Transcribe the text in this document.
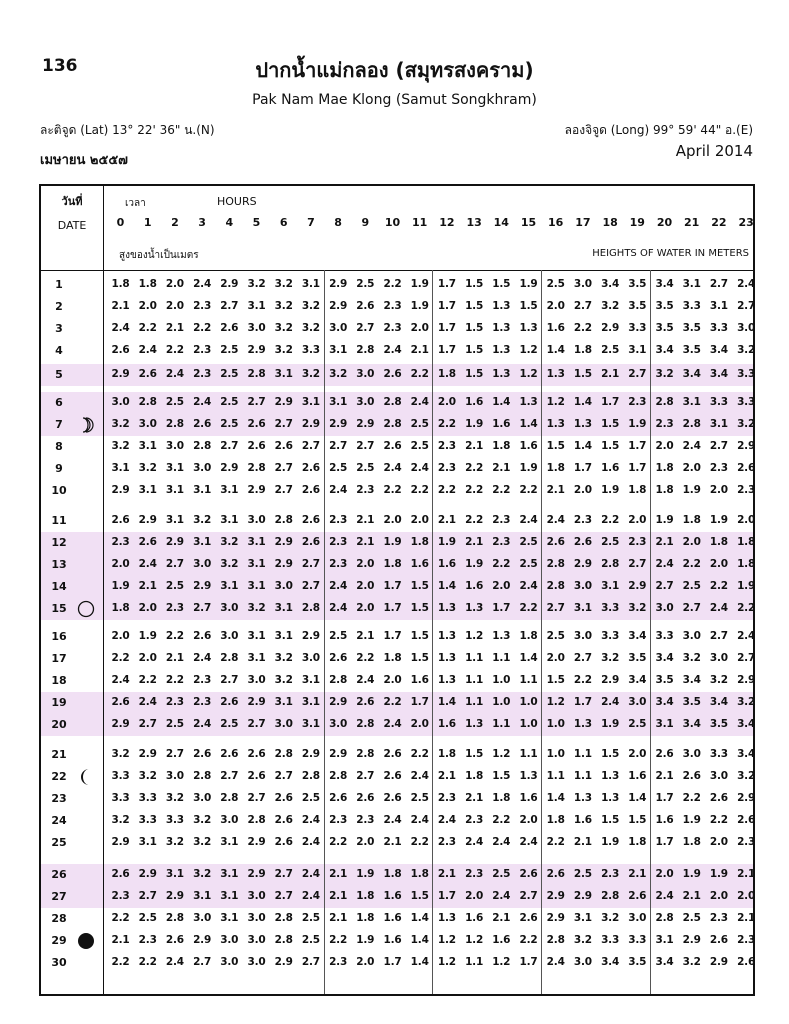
136	ปากน้ำแม่กลอง (สมุทรสงคราม)
Pak Nam Mae Klong (Samut Songkhram)
ละติจูด (Lat) 13° 22' 36" น.(N)	ลองจิจูด (Long) 99° 59' 44" อ.(E)
เมษายน ๒๕๕๗
April 2014
วันที่
DATE
เวลา	HOURS
สูงของน้ำเป็นเมตร	HEIGHTS OF WATER IN METERS
0	1	2	3	4	5	6	7	8	9	10	11	12	13	14	15	16	17	18	19	20	21	22	23
1	1.8 1.8 2.0 2.4 2.9 3.2 3.2 3.1 2.9 2.5 2.2 1.9 1.7 1.5 1.5 1.9 2.5 3.0 3.4 3.5 3.4 3.1 2.7 2.4
2	2.1 2.0 2.0 2.3 2.7 3.1 3.2 3.2 2.9 2.6 2.3 1.9 1.7 1.5 1.3 1.5 2.0 2.7 3.2 3.5 3.5 3.3 3.1 2.7
3	2.4 2.2 2.1 2.2 2.6 3.0 3.2 3.2 3.0 2.7 2.3 2.0 1.7 1.5 1.3 1.3 1.6 2.2 2.9 3.3 3.5 3.5 3.3 3.0
4	2.6 2.4 2.2 2.3 2.5 2.9 3.2 3.3 3.1 2.8 2.4 2.1 1.7 1.5 1.3 1.2 1.4 1.8 2.5 3.1 3.4 3.5 3.4 3.2
5	2.9 2.6 2.4 2.3 2.5 2.8 3.1 3.2 3.2 3.0 2.6 2.2 1.8 1.5 1.3 1.2 1.3 1.5 2.1 2.7 3.2 3.4 3.4 3.3
6	3.0 2.8 2.5 2.4 2.5 2.7 2.9 3.1 3.1 3.0 2.8 2.4 2.0 1.6 1.4 1.3 1.2 1.4 1.7 2.3 2.8 3.1 3.3 3.3
7	3.2 3.0 2.8 2.6 2.5 2.6 2.7 2.9 2.9 2.9 2.8 2.5 2.2 1.9 1.6 1.4 1.3 1.3 1.5 1.9 2.3 2.8 3.1 3.2
8	3.2 3.1 3.0 2.8 2.7 2.6 2.6 2.7 2.7 2.7 2.6 2.5 2.3 2.1 1.8 1.6 1.5 1.4 1.5 1.7 2.0 2.4 2.7 2.9
9	3.1 3.2 3.1 3.0 2.9 2.8 2.7 2.6 2.5 2.5 2.4 2.4 2.3 2.2 2.1 1.9 1.8 1.7 1.6 1.7 1.8 2.0 2.3 2.6
10	2.9 3.1 3.1 3.1 3.1 2.9 2.7 2.6 2.4 2.3 2.2 2.2 2.2 2.2 2.2 2.2 2.1 2.0 1.9 1.8 1.8 1.9 2.0 2.3
11	2.6 2.9 3.1 3.2 3.1 3.0 2.8 2.6 2.3 2.1 2.0 2.0 2.1 2.2 2.3 2.4 2.4 2.3 2.2 2.0 1.9 1.8 1.9 2.0
12	2.3 2.6 2.9 3.1 3.2 3.1 2.9 2.6 2.3 2.1 1.9 1.8 1.9 2.1 2.3 2.5 2.6 2.6 2.5 2.3 2.1 2.0 1.8 1.8
13	2.0 2.4 2.7 3.0 3.2 3.1 2.9 2.7 2.3 2.0 1.8 1.6 1.6 1.9 2.2 2.5 2.8 2.9 2.8 2.7 2.4 2.2 2.0 1.8
14	1.9 2.1 2.5 2.9 3.1 3.1 3.0 2.7 2.4 2.0 1.7 1.5 1.4 1.6 2.0 2.4 2.8 3.0 3.1 2.9 2.7 2.5 2.2 1.9
15	1.8 2.0 2.3 2.7 3.0 3.2 3.1 2.8 2.4 2.0 1.7 1.5 1.3 1.3 1.7 2.2 2.7 3.1 3.3 3.2 3.0 2.7 2.4 2.2
16	2.0 1.9 2.2 2.6 3.0 3.1 3.1 2.9 2.5 2.1 1.7 1.5 1.3 1.2 1.3 1.8 2.5 3.0 3.3 3.4 3.3 3.0 2.7 2.4
17	2.2 2.0 2.1 2.4 2.8 3.1 3.2 3.0 2.6 2.2 1.8 1.5 1.3 1.1 1.1 1.4 2.0 2.7 3.2 3.5 3.4 3.2 3.0 2.7
18	2.4 2.2 2.2 2.3 2.7 3.0 3.2 3.1 2.8 2.4 2.0 1.6 1.3 1.1 1.0 1.1 1.5 2.2 2.9 3.4 3.5 3.4 3.2 2.9
19	2.6 2.4 2.3 2.3 2.6 2.9 3.1 3.1 2.9 2.6 2.2 1.7 1.4 1.1 1.0 1.0 1.2 1.7 2.4 3.0 3.4 3.5 3.4 3.2
20	2.9 2.7 2.5 2.4 2.5 2.7 3.0 3.1 3.0 2.8 2.4 2.0 1.6 1.3 1.1 1.0 1.0 1.3 1.9 2.5 3.1 3.4 3.5 3.4
21	3.2 2.9 2.7 2.6 2.6 2.6 2.8 2.9 2.9 2.8 2.6 2.2 1.8 1.5 1.2 1.1 1.0 1.1 1.5 2.0 2.6 3.0 3.3 3.4
22	3.3 3.2 3.0 2.8 2.7 2.6 2.7 2.8 2.8 2.7 2.6 2.4 2.1 1.8 1.5 1.3 1.1 1.1 1.3 1.6 2.1 2.6 3.0 3.2
23	3.3 3.3 3.2 3.0 2.8 2.7 2.6 2.5 2.6 2.6 2.6 2.5 2.3 2.1 1.8 1.6 1.4 1.3 1.3 1.4 1.7 2.2 2.6 2.9
24	3.2 3.3 3.3 3.2 3.0 2.8 2.6 2.4 2.3 2.3 2.4 2.4 2.4 2.3 2.2 2.0 1.8 1.6 1.5 1.5 1.6 1.9 2.2 2.6
25	2.9 3.1 3.2 3.2 3.1 2.9 2.6 2.4 2.2 2.0 2.1 2.2 2.3 2.4 2.4 2.4 2.2 2.1 1.9 1.8 1.7 1.8 2.0 2.3
26	2.6 2.9 3.1 3.2 3.1 2.9 2.7 2.4 2.1 1.9 1.8 1.8 2.1 2.3 2.5 2.6 2.6 2.5 2.3 2.1 2.0 1.9 1.9 2.1
27	2.3 2.7 2.9 3.1 3.1 3.0 2.7 2.4 2.1 1.8 1.6 1.5 1.7 2.0 2.4 2.7 2.9 2.9 2.8 2.6 2.4 2.1 2.0 2.0
28	2.2 2.5 2.8 3.0 3.1 3.0 2.8 2.5 2.1 1.8 1.6 1.4 1.3 1.6 2.1 2.6 2.9 3.1 3.2 3.0 2.8 2.5 2.3 2.1
29	2.1 2.3 2.6 2.9 3.0 3.0 2.8 2.5 2.2 1.9 1.6 1.4 1.2 1.2 1.6 2.2 2.8 3.2 3.3 3.3 3.1 2.9 2.6 2.3
30	2.2 2.2 2.4 2.7 3.0 3.0 2.9 2.7 2.3 2.0 1.7 1.4 1.2 1.1 1.2 1.7 2.4 3.0 3.4 3.5 3.4 3.2 2.9 2.6
